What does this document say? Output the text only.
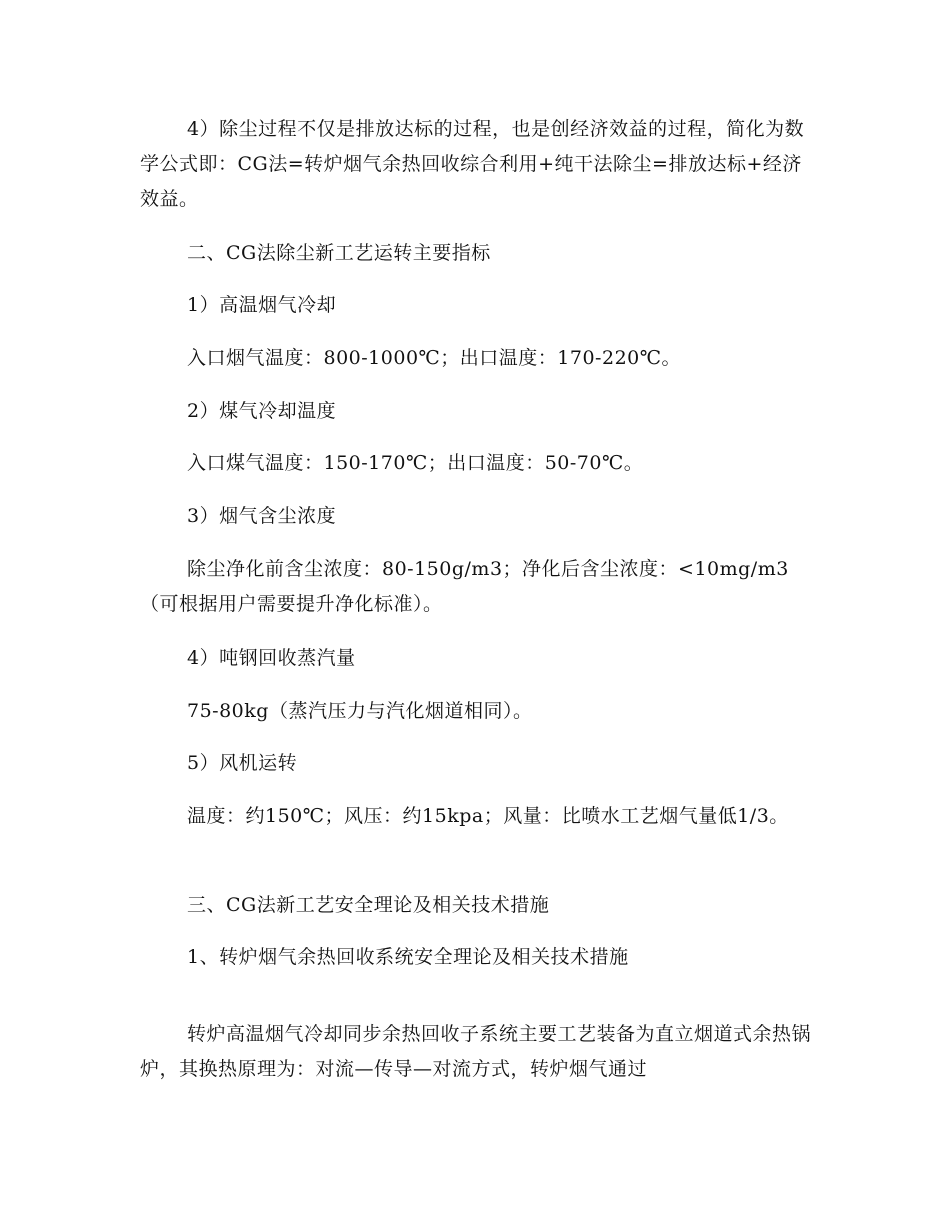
4）除尘过程不仅是排放达标的过程，也是创经济效益的过程，简化为数学公式即：CG法=转炉烟气余热回收综合利用+纯干法除尘=排放达标+经济效益。

二、CG法除尘新工艺运转主要指标

1）高温烟气冷却

入口烟气温度：800-1000℃；出口温度：170-220℃。

2）煤气冷却温度

入口煤气温度：150-170℃；出口温度：50-70℃。

3）烟气含尘浓度

除尘净化前含尘浓度：80-150g/m3；净化后含尘浓度：<10mg/m3（可根据用户需要提升净化标准）。

4）吨钢回收蒸汽量

75-80kg（蒸汽压力与汽化烟道相同）。

5）风机运转

温度：约150℃；风压：约15kpa；风量：比喷水工艺烟气量低1/3。

三、CG法新工艺安全理论及相关技术措施

1、转炉烟气余热回收系统安全理论及相关技术措施

转炉高温烟气冷却同步余热回收子系统主要工艺装备为直立烟道式余热锅炉，其换热原理为：对流—传导—对流方式，转炉烟气通过
